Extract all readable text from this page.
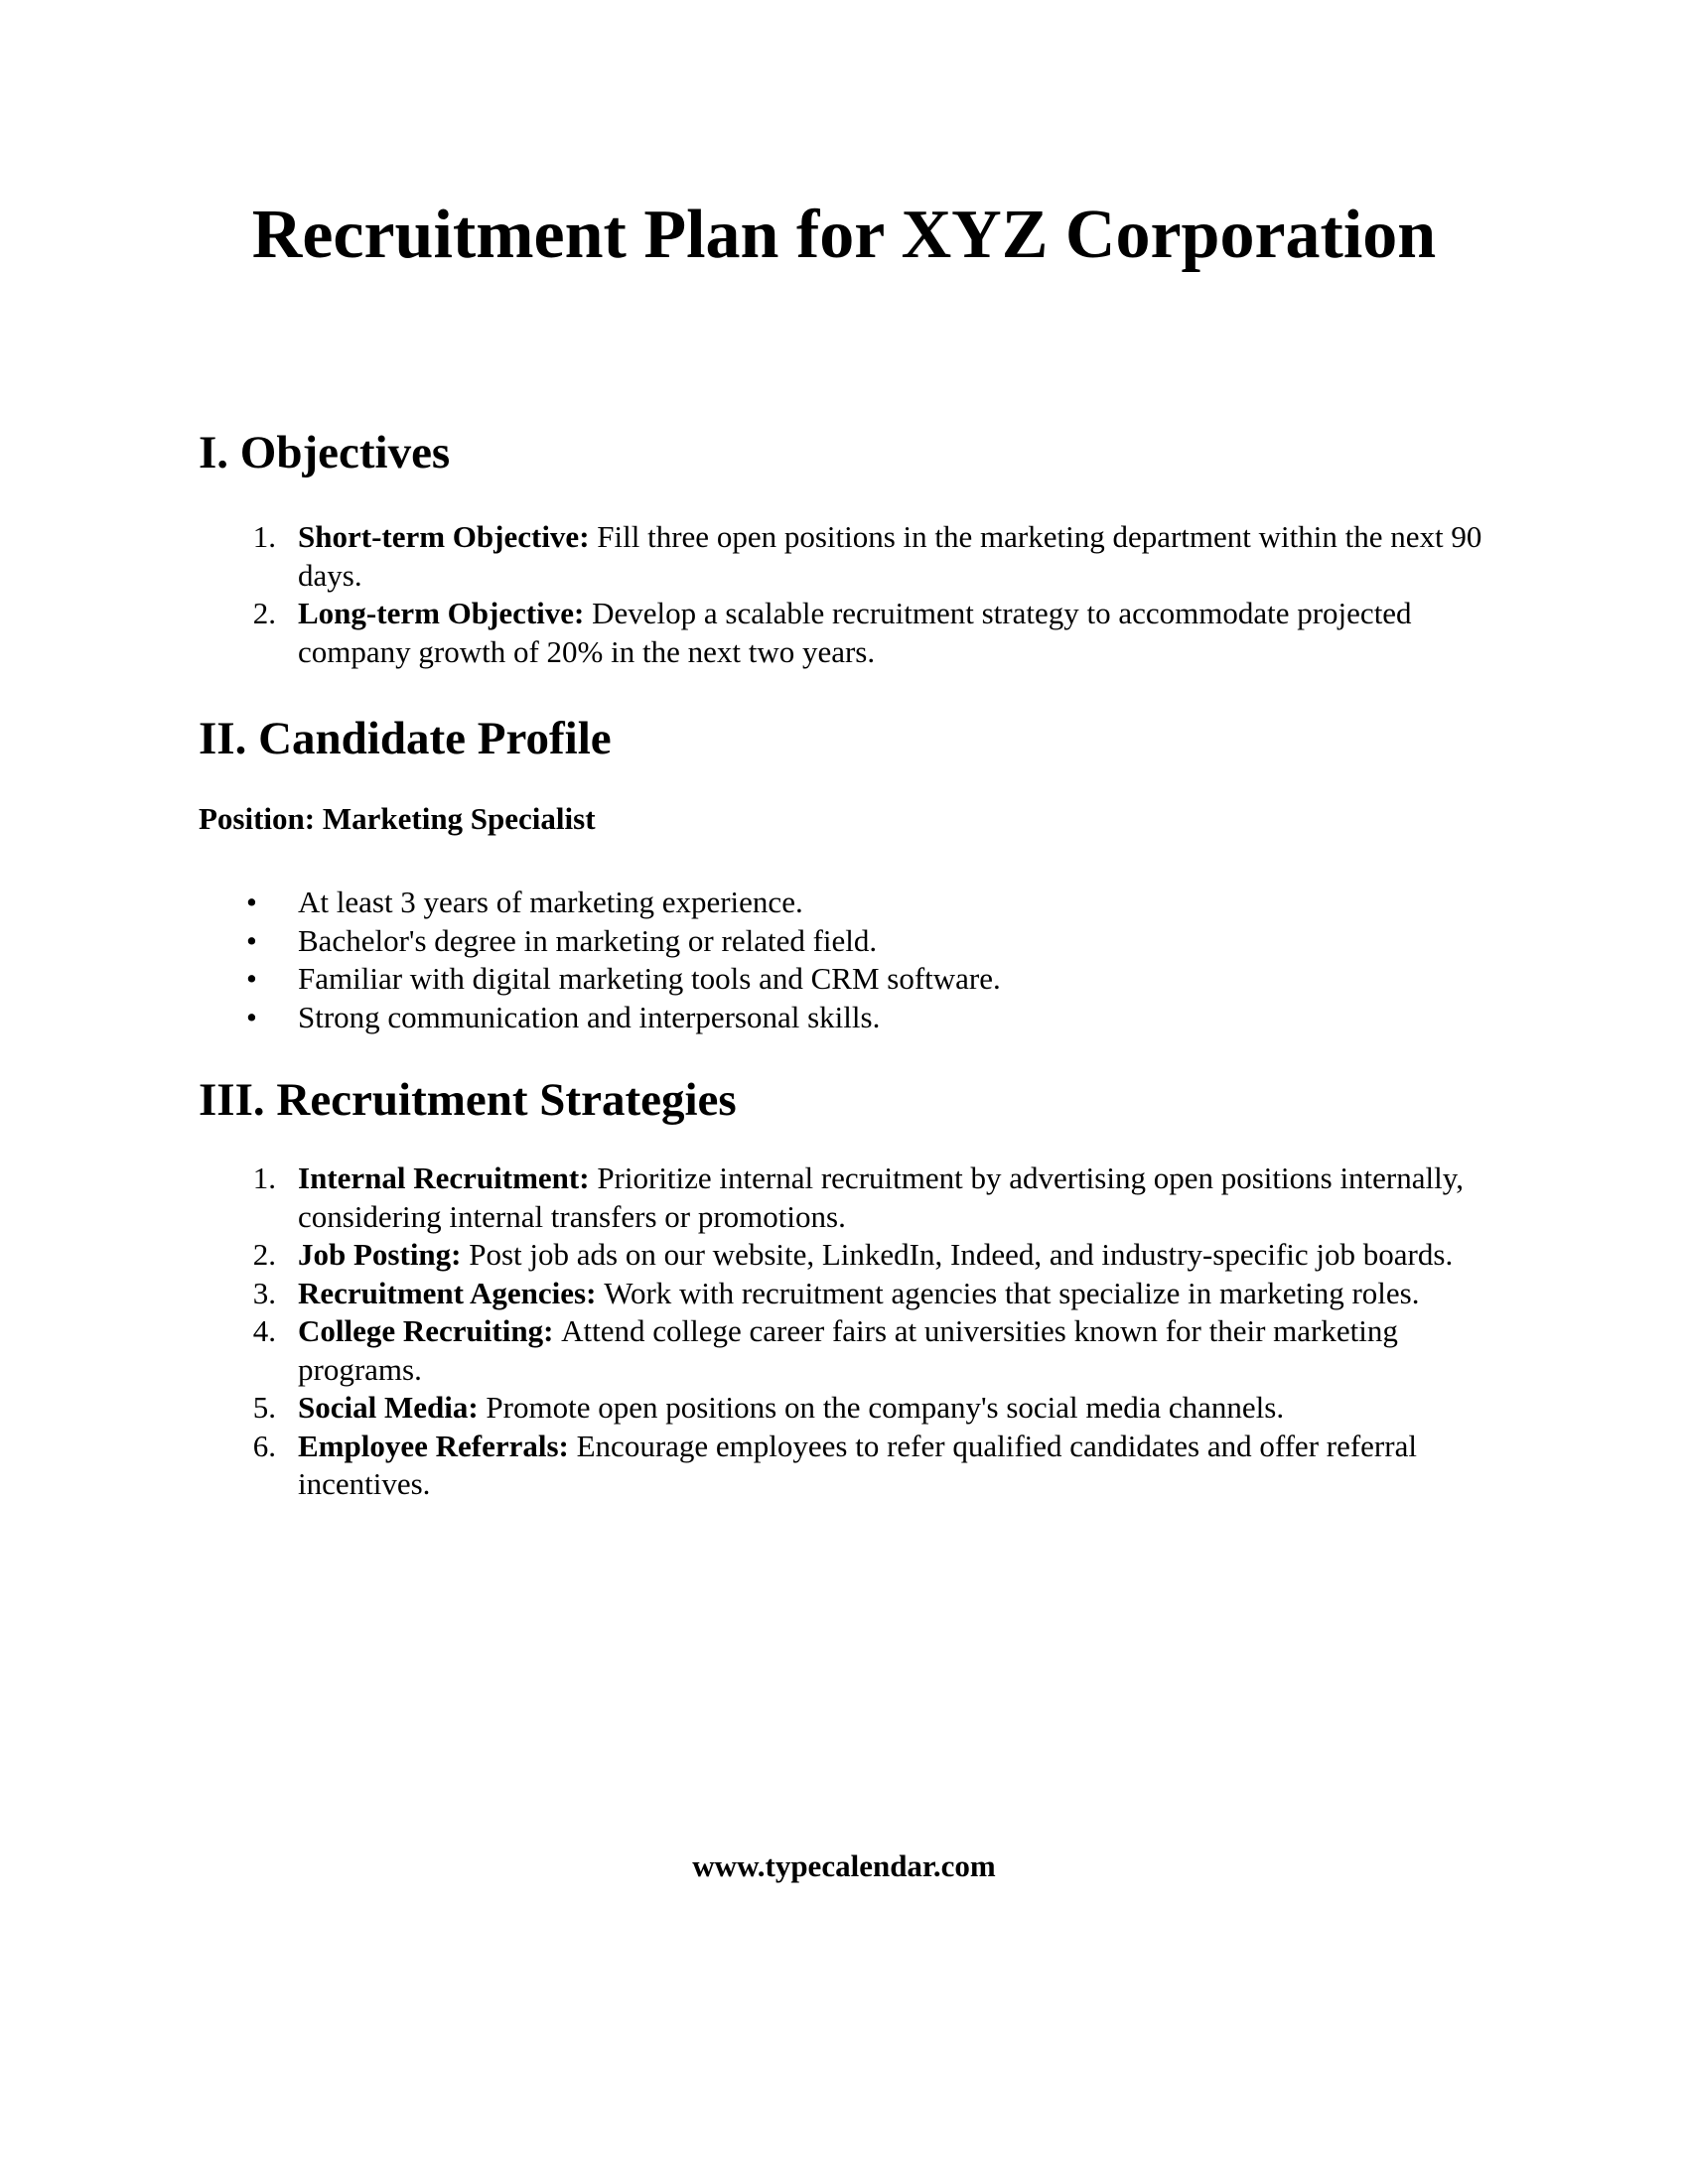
Recruitment Plan for XYZ Corporation
I. Objectives
1. Short-term Objective: Fill three open positions in the marketing department within the next 90 days.
2. Long-term Objective: Develop a scalable recruitment strategy to accommodate projected company growth of 20% in the next two years.
II. Candidate Profile

Position: Marketing Specialist

• At least 3 years of marketing experience.
• Bachelor's degree in marketing or related field.
• Familiar with digital marketing tools and CRM software.
• Strong communication and interpersonal skills.
III. Recruitment Strategies
1. Internal Recruitment: Prioritize internal recruitment by advertising open positions internally, considering internal transfers or promotions.
2. Job Posting: Post job ads on our website, LinkedIn, Indeed, and industry-specific job boards.
3. Recruitment Agencies: Work with recruitment agencies that specialize in marketing roles.
4. College Recruiting: Attend college career fairs at universities known for their marketing programs.
5. Social Media: Promote open positions on the company's social media channels.
6. Employee Referrals: Encourage employees to refer qualified candidates and offer referral incentives.
www.typecalendar.com
